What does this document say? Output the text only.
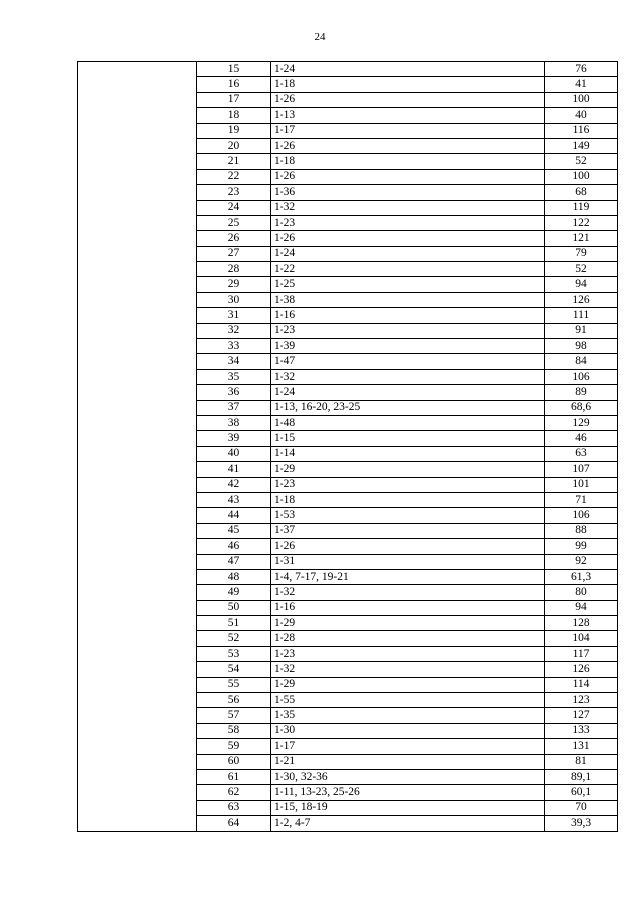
24
	15	1-24	76
	16	1-18	41
	17	1-26	100
	18	1-13	40
	19	1-17	116
	20	1-26	149
	21	1-18	52
	22	1-26	100
	23	1-36	68
	24	1-32	119
	25	1-23	122
	26	1-26	121
	27	1-24	79
	28	1-22	52
	29	1-25	94
	30	1-38	126
	31	1-16	111
	32	1-23	91
	33	1-39	98
	34	1-47	84
	35	1-32	106
	36	1-24	89
	37	1-13, 16-20, 23-25	68,6
	38	1-48	129
	39	1-15	46
	40	1-14	63
	41	1-29	107
	42	1-23	101
	43	1-18	71
	44	1-53	106
	45	1-37	88
	46	1-26	99
	47	1-31	92
	48	1-4, 7-17, 19-21	61,3
	49	1-32	80
	50	1-16	94
	51	1-29	128
	52	1-28	104
	53	1-23	117
	54	1-32	126
	55	1-29	114
	56	1-55	123
	57	1-35	127
	58	1-30	133
	59	1-17	131
	60	1-21	81
	61	1-30, 32-36	89,1
	62	1-11, 13-23, 25-26	60,1
	63	1-15, 18-19	70
	64	1-2, 4-7	39,3
